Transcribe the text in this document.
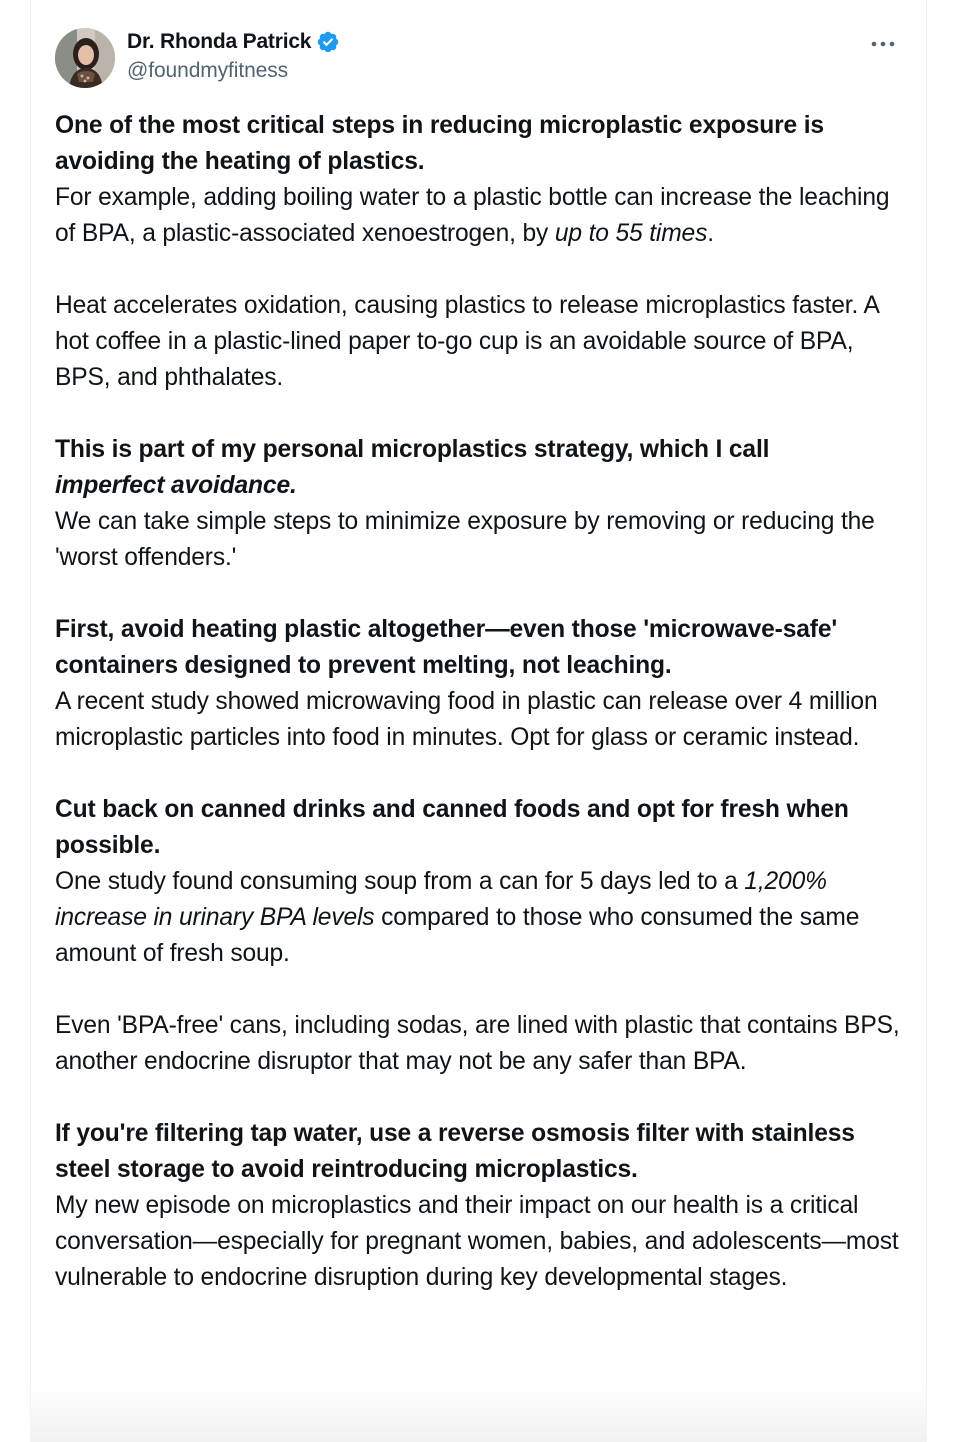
Dr. Rhonda Patrick
@foundmyfitness

One of the most critical steps in reducing microplastic exposure is avoiding the heating of plastics.
For example, adding boiling water to a plastic bottle can increase the leaching of BPA, a plastic-associated xenoestrogen, by up to 55 times.

Heat accelerates oxidation, causing plastics to release microplastics faster. A hot coffee in a plastic-lined paper to-go cup is an avoidable source of BPA, BPS, and phthalates.

This is part of my personal microplastics strategy, which I call
imperfect avoidance.
We can take simple steps to minimize exposure by removing or reducing the 'worst offenders.'

First, avoid heating plastic altogether—even those 'microwave-safe' containers designed to prevent melting, not leaching.
A recent study showed microwaving food in plastic can release over 4 million microplastic particles into food in minutes. Opt for glass or ceramic instead.

Cut back on canned drinks and canned foods and opt for fresh when possible.
One study found consuming soup from a can for 5 days led to a 1,200% increase in urinary BPA levels compared to those who consumed the same amount of fresh soup.

Even 'BPA-free' cans, including sodas, are lined with plastic that contains BPS, another endocrine disruptor that may not be any safer than BPA.

If you're filtering tap water, use a reverse osmosis filter with stainless steel storage to avoid reintroducing microplastics.
My new episode on microplastics and their impact on our health is a critical conversation—especially for pregnant women, babies, and adolescents—most vulnerable to endocrine disruption during key developmental stages.
